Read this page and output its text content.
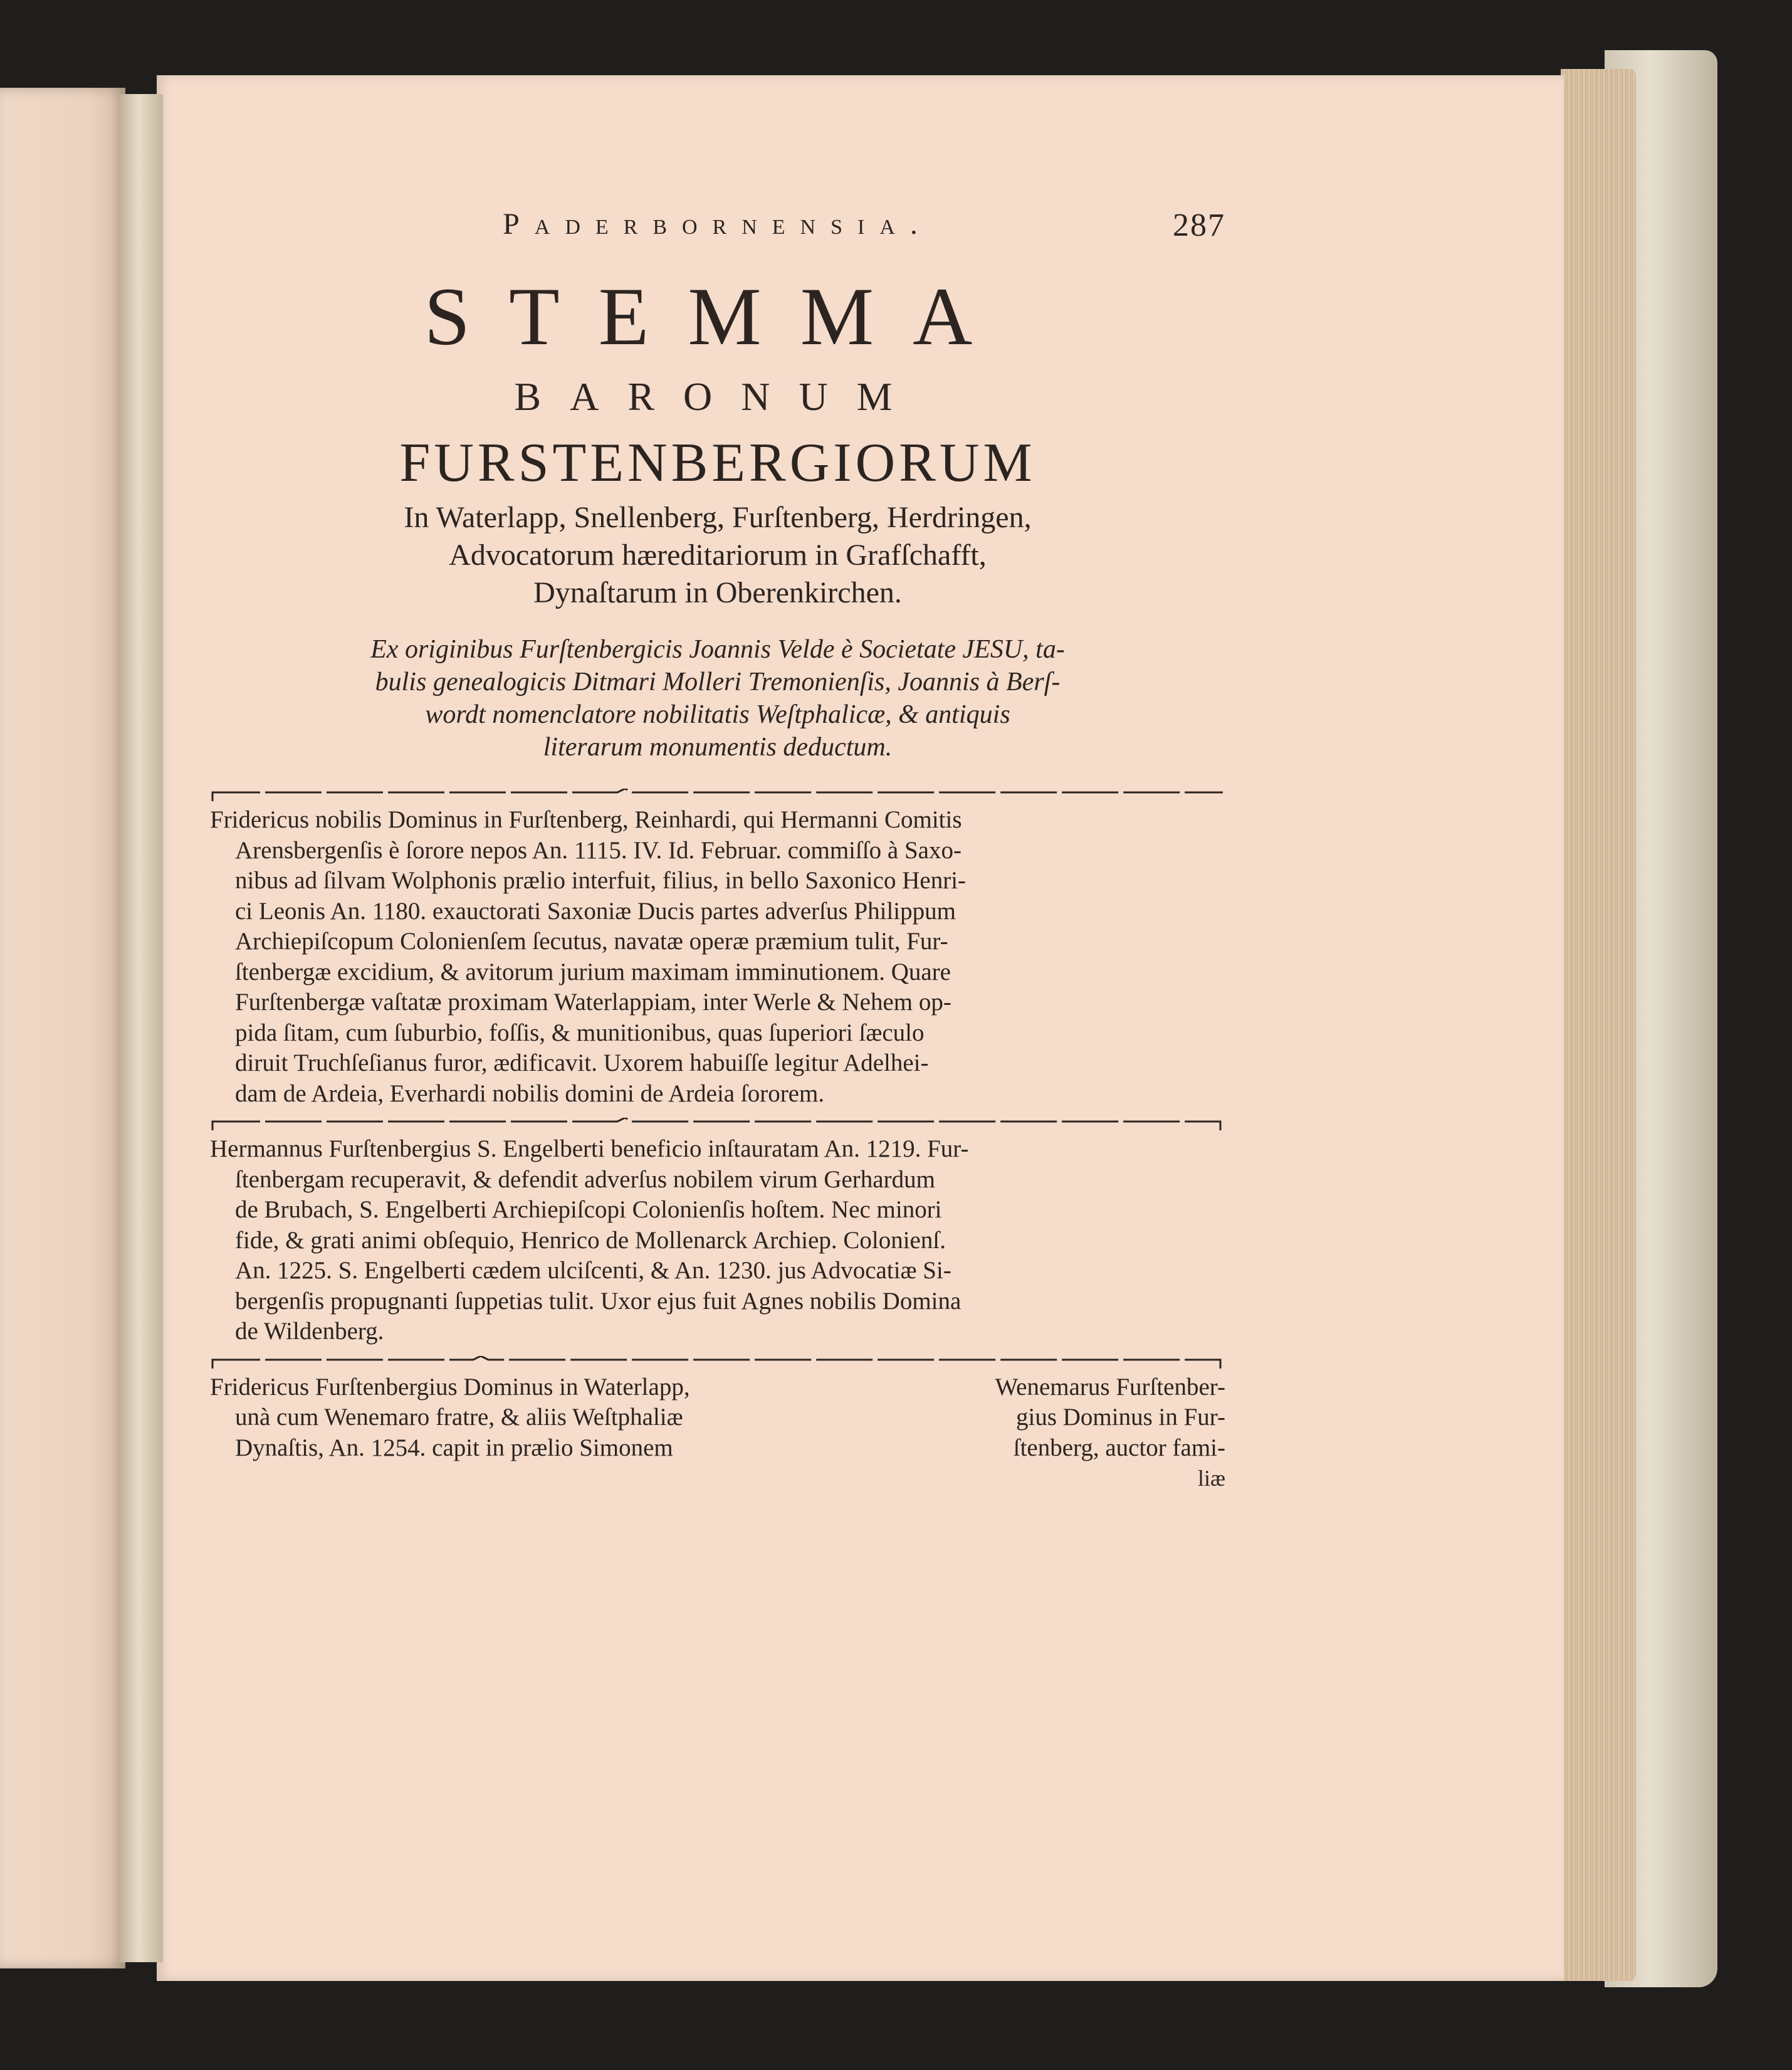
Paderbornensia.	287
STEMMA
BARONUM
FURSTENBERGIORUM
In Waterlapp, Snellenberg, Furſtenberg, Herdringen,
Advocatorum hæreditariorum in Grafſchafft,
Dynaſtarum in Oberenkirchen.
Ex originibus Furſtenbergicis Joannis Velde è Societate JESU, ta-
bulis genealogicis Ditmari Molleri Tremonienſis, Joannis à Berſ-
wordt nomenclatore nobilitatis Weſtphalicæ, & antiquis
literarum monumentis deductum.
Fridericus nobilis Dominus in Furſtenberg, Reinhardi, qui Hermanni Comitis
Arensbergenſis è ſorore nepos An. 1115. IV. Id. Februar. commiſſo à Saxo-
nibus ad ſilvam Wolphonis prælio interfuit, filius, in bello Saxonico Henri-
ci Leonis An. 1180. exauctorati Saxoniæ Ducis partes adverſus Philippum
Archiepiſcopum Colonienſem ſecutus, navatæ operæ præmium tulit, Fur-
ſtenbergæ excidium, & avitorum jurium maximam imminutionem. Quare
Furſtenbergæ vaſtatæ proximam Waterlappiam, inter Werle & Nehem op-
pida ſitam, cum ſuburbio, foſſis, & munitionibus, quas ſuperiori ſæculo
diruit Truchſeſianus furor, ædificavit. Uxorem habuiſſe legitur Adelhei-
dam de Ardeia, Everhardi nobilis domini de Ardeia ſororem.
Hermannus Furſtenbergius S. Engelberti beneficio inſtauratam An. 1219. Fur-
ſtenbergam recuperavit, & defendit adverſus nobilem virum Gerhardum
de Brubach, S. Engelberti Archiepiſcopi Colonienſis hoſtem. Nec minori
fide, & grati animi obſequio, Henrico de Mollenarck Archiep. Colonienſ.
An. 1225. S. Engelberti cædem ulciſcenti, & An. 1230. jus Advocatiæ Si-
bergenſis propugnanti ſuppetias tulit. Uxor ejus fuit Agnes nobilis Domina
de Wildenberg.
Fridericus Furſtenbergius Dominus in Waterlapp,
unà cum Wenemaro fratre, & aliis Weſtphaliæ
Dynaſtis, An. 1254. capit in prælio Simonem
Wenemarus Furſtenber-
gius Dominus in Fur-
ſtenberg, auctor fami-
liæ
